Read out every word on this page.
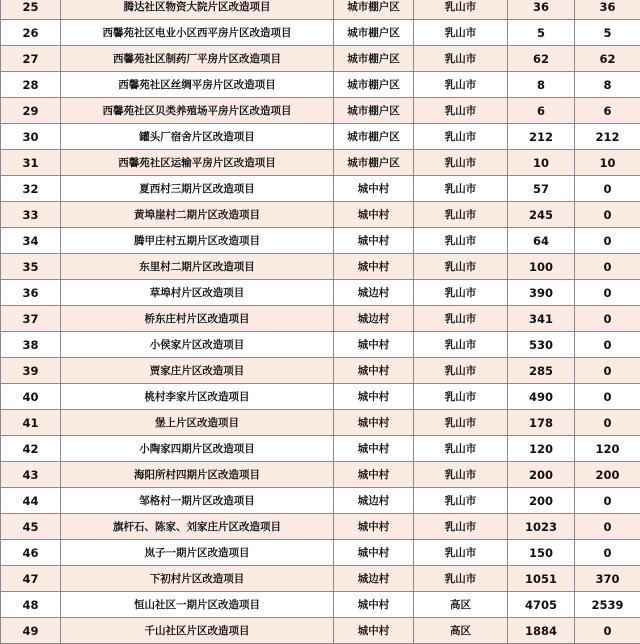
25	腾达社区物资大院片区改造项目	城市棚户区	乳山市	36	36
26	西馨苑社区电业小区西平房片区改造项目	城市棚户区	乳山市	5	5
27	西馨苑社区制药厂平房片区改造项目	城市棚户区	乳山市	62	62
28	西馨苑社区丝绸平房片区改造项目	城市棚户区	乳山市	8	8
29	西馨苑社区贝类养殖场平房片区改造项目	城市棚户区	乳山市	6	6
30	罐头厂宿舍片区改造项目	城市棚户区	乳山市	212	212
31	西馨苑社区运输平房片区改造项目	城市棚户区	乳山市	10	10
32	夏西村三期片区改造项目	城中村	乳山市	57	0
33	黄埠崖村二期片区改造项目	城中村	乳山市	245	0
34	腾甲庄村五期片区改造项目	城中村	乳山市	64	0
35	东里村二期片区改造项目	城中村	乳山市	100	0
36	草埠村片区改造项目	城边村	乳山市	390	0
37	桥东庄村片区改造项目	城边村	乳山市	341	0
38	小侯家片区改造项目	城中村	乳山市	530	0
39	贾家庄片区改造项目	城中村	乳山市	285	0
40	桃村李家片区改造项目	城中村	乳山市	490	0
41	堡上片区改造项目	城中村	乳山市	178	0
42	小陶家四期片区改造项目	城中村	乳山市	120	120
43	海阳所村四期片区改造项目	城中村	乳山市	200	200
44	邹格村一期片区改造项目	城边村	乳山市	200	0
45	旗杆石、陈家、刘家庄片区改造项目	城中村	乳山市	1023	0
46	岚子一期片区改造项目	城中村	乳山市	150	0
47	下初村片区改造项目	城边村	乳山市	1051	370
48	恒山社区一期片区改造项目	城中村	高区	4705	2539
49	千山社区片区改造项目	城中村	高区	1884	0
